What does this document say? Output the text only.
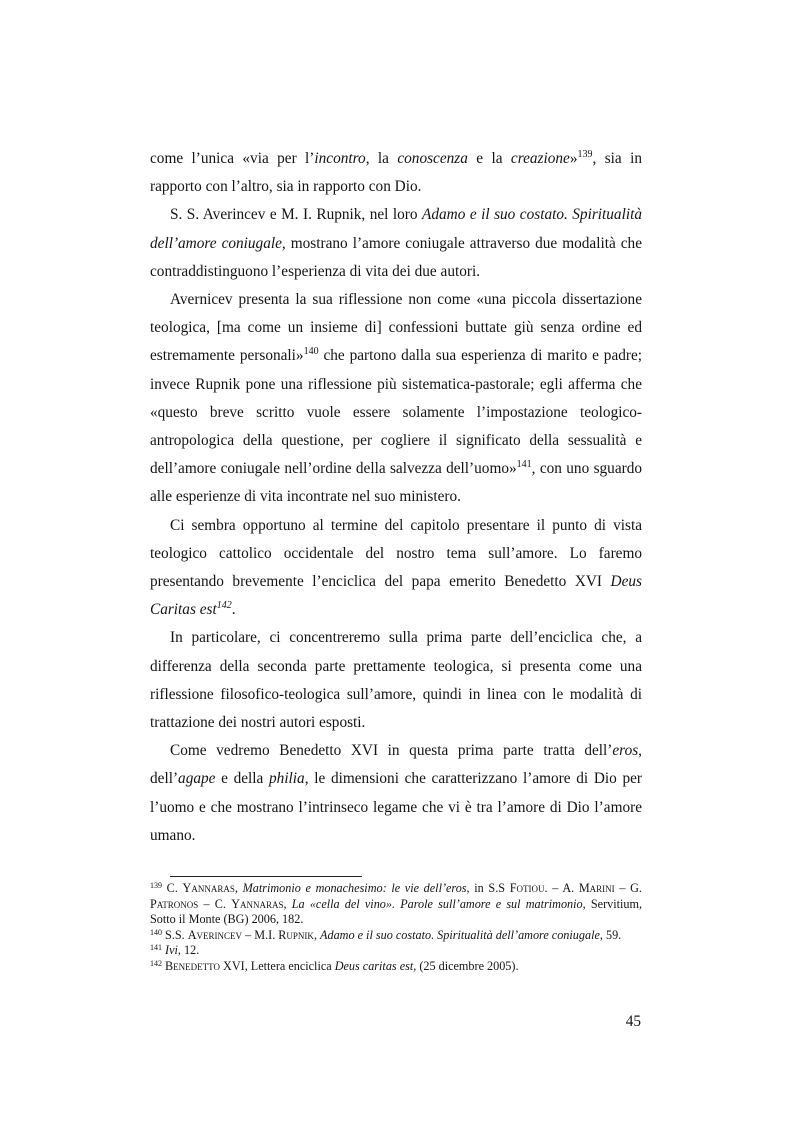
come l’unica «via per l’incontro, la conoscenza e la creazione»$^{139}$, sia in rapporto con l’altro, sia in rapporto con Dio.

S. S. Averincev e M. I. Rupnik, nel loro Adamo e il suo costato. Spiritualità dell’amore coniugale, mostrano l’amore coniugale attraverso due modalità che contraddistinguono l’esperienza di vita dei due autori.

Avernicev presenta la sua riflessione non come «una piccola dissertazione teologica, [ma come un insieme di] confessioni buttate giù senza ordine ed estremamente personali»$^{140}$ che partono dalla sua esperienza di marito e padre; invece Rupnik pone una riflessione più sistematica-pastorale; egli afferma che «questo breve scritto vuole essere solamente l’impostazione teologico-antropologica della questione, per cogliere il significato della sessualità e dell’amore coniugale nell’ordine della salvezza dell’uomo»$^{141}$, con uno sguardo alle esperienze di vita incontrate nel suo ministero.

Ci sembra opportuno al termine del capitolo presentare il punto di vista teologico cattolico occidentale del nostro tema sull’amore. Lo faremo presentando brevemente l’enciclica del papa emerito Benedetto XVI Deus Caritas est$^{142}$.

In particolare, ci concentreremo sulla prima parte dell’enciclica che, a differenza della seconda parte prettamente teologica, si presenta come una riflessione filosofico-teologica sull’amore, quindi in linea con le modalità di trattazione dei nostri autori esposti.

Come vedremo Benedetto XVI in questa prima parte tratta dell’eros, dell’agape e della philia, le dimensioni che caratterizzano l’amore di Dio per l’uomo e che mostrano l’intrinseco legame che vi è tra l’amore di Dio l’amore umano.

$^{139}$ C. Yannaras, Matrimonio e monachesimo: le vie dell’eros, in S.S Fotiou. – A. Marini – G. Patronos – C. Yannaras, La «cella del vino». Parole sull’amore e sul matrimonio, Servitium, Sotto il Monte (BG) 2006, 182.

$^{140}$ S.S. Averincev – M.I. Rupnik, Adamo e il suo costato. Spiritualità dell’amore coniugale, 59.

$^{141}$ Ivi, 12.

$^{142}$ Benedetto XVI, Lettera enciclica Deus caritas est, (25 dicembre 2005).

45
